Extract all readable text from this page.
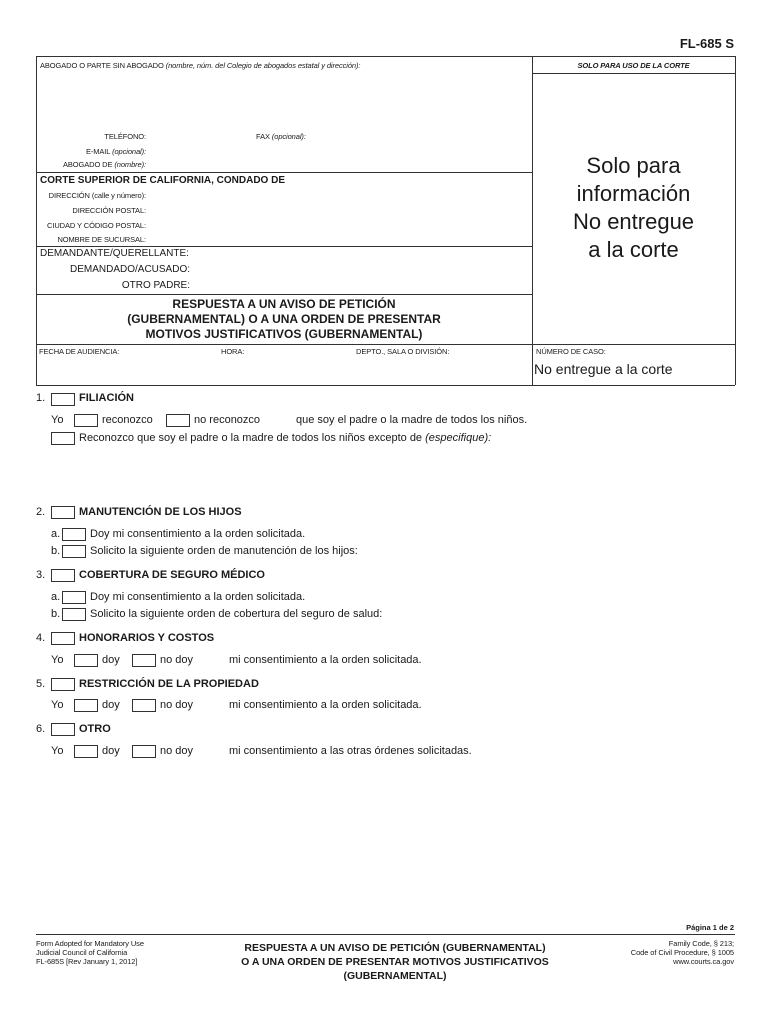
FL-685 S
ABOGADO O PARTE SIN ABOGADO (nombre, núm. del Colegio de abogados estatal y dirección):	SOLO PARA USO DE LA CORTE
TELÉFONO:	FAX (opcional):
E-MAIL (opcional):
ABOGADO DE (nombre):
CORTE SUPERIOR DE CALIFORNIA, CONDADO DE
DIRECCIÓN (calle y número):
DIRECCIÓN POSTAL:
CIUDAD Y CÓDIGO POSTAL:
NOMBRE DE SUCURSAL:
DEMANDANTE/QUERELLANTE:
DEMANDADO/ACUSADO:
OTRO PADRE:
RESPUESTA A UN AVISO DE PETICIÓN
(GUBERNAMENTAL) O A UNA ORDEN DE PRESENTAR
MOTIVOS JUSTIFICATIVOS (GUBERNAMENTAL)
FECHA DE AUDIENCIA:	HORA:	DEPTO., SALA O DIVISIÓN:	NÚMERO DE CASO:
No entregue a la corte
Solo para
información
No entregue
a la corte
1.	FILIACIÓN
Yo	reconozco	no reconozco	que soy el padre o la madre de todos los niños.
Reconozco que soy el padre o la madre de todos los niños excepto de (especifique):
2.	MANUTENCIÓN DE LOS HIJOS
a.	Doy mi consentimiento a la orden solicitada.
b.	Solicito la siguiente orden de manutención de los hijos:
3.	COBERTURA DE SEGURO MÉDICO
a.	Doy mi consentimiento a la orden solicitada.
b.	Solicito la siguiente orden de cobertura del seguro de salud:
4.	HONORARIOS Y COSTOS
Yo	doy	no doy	mi consentimiento a la orden solicitada.
5.	RESTRICCIÓN DE LA PROPIEDAD
Yo	doy	no doy	mi consentimiento a la orden solicitada.
6.	OTRO
Yo	doy	no doy	mi consentimiento a las otras órdenes solicitadas.
Página 1 de 2
Form Adopted for Mandatory Use
Judicial Council of California
FL-685S [Rev January 1, 2012]
RESPUESTA A UN AVISO DE PETICIÓN (GUBERNAMENTAL)
O A UNA ORDEN DE PRESENTAR MOTIVOS JUSTIFICATIVOS
(GUBERNAMENTAL)
Family Code, § 213;
Code of Civil Procedure, § 1005
www.courts.ca.gov
